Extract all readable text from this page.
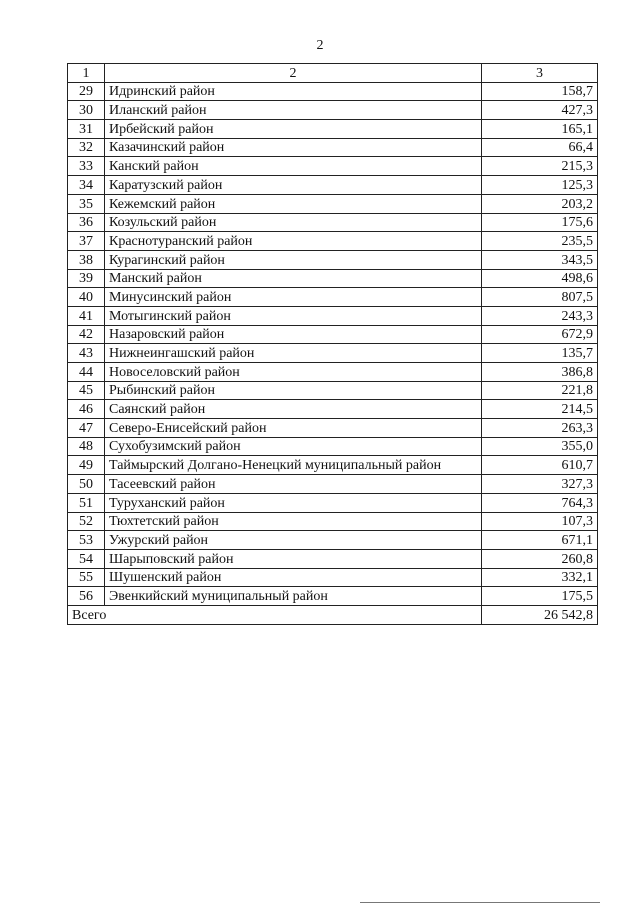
2
1	2	3
29	Идринский район	158,7
30	Иланский район	427,3
31	Ирбейский район	165,1
32	Казачинский район	66,4
33	Канский район	215,3
34	Каратузский район	125,3
35	Кежемский район	203,2
36	Козульский район	175,6
37	Краснотуранский район	235,5
38	Курагинский район	343,5
39	Манский район	498,6
40	Минусинский район	807,5
41	Мотыгинский район	243,3
42	Назаровский район	672,9
43	Нижнеингашский район	135,7
44	Новоселовский район	386,8
45	Рыбинский район	221,8
46	Саянский район	214,5
47	Северо-Енисейский район	263,3
48	Сухобузимский район	355,0
49	Таймырский Долгано-Ненецкий муниципальный район	610,7
50	Тасеевский район	327,3
51	Туруханский район	764,3
52	Тюхтетский район	107,3
53	Ужурский район	671,1
54	Шарыповский район	260,8
55	Шушенский район	332,1
56	Эвенкийский муниципальный район	175,5
Всего		26 542,8
